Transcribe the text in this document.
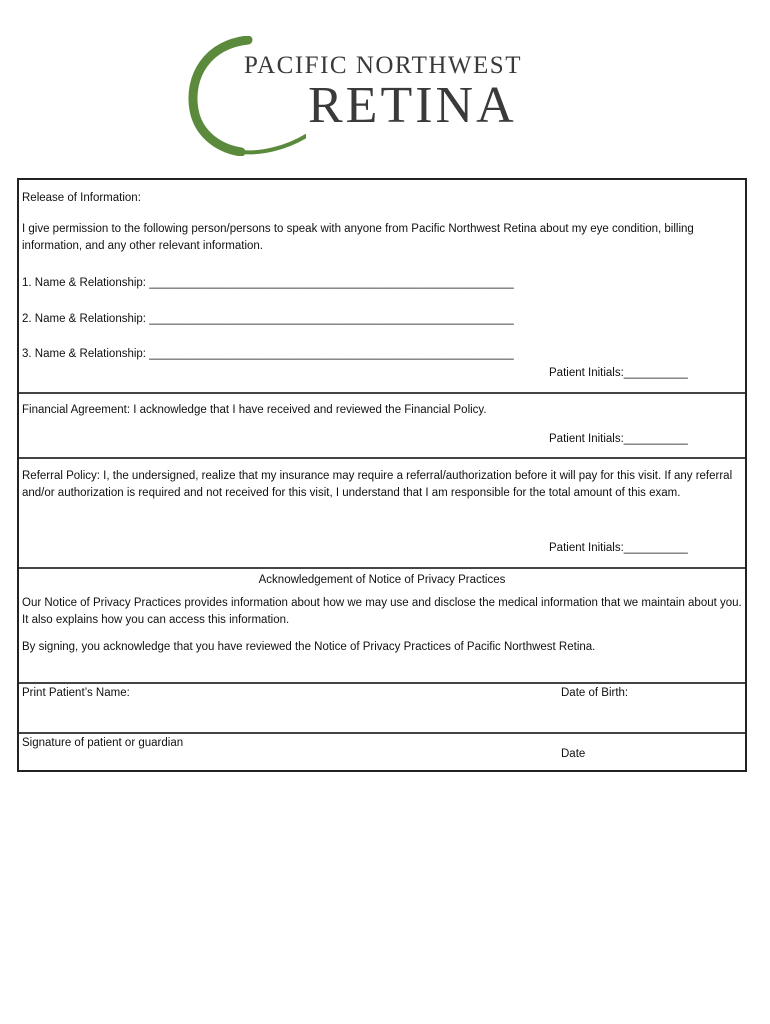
PACIFIC NORTHWEST
RETINA
Release of Information:
I give permission to the following person/persons to speak with anyone from Pacific Northwest Retina about my eye condition, billing information, and any other relevant information.
1. Name & Relationship: _________________________________________________________
2. Name & Relationship: _________________________________________________________
3. Name & Relationship: _________________________________________________________
Patient Initials:__________
Financial Agreement: I acknowledge that I have received and reviewed the Financial Policy.
Patient Initials:__________
Referral Policy: I, the undersigned, realize that my insurance may require a referral/authorization before it will pay for this visit. If any referral and/or authorization is required and not received for this visit, I understand that I am responsible for the total amount of this exam.
Patient Initials:__________
Acknowledgement of Notice of Privacy Practices
Our Notice of Privacy Practices provides information about how we may use and disclose the medical information that we maintain about you. It also explains how you can access this information.
By signing, you acknowledge that you have reviewed the Notice of Privacy Practices of Pacific Northwest Retina.
Print Patient’s Name:	Date of Birth:
Signature of patient or guardian
Date
